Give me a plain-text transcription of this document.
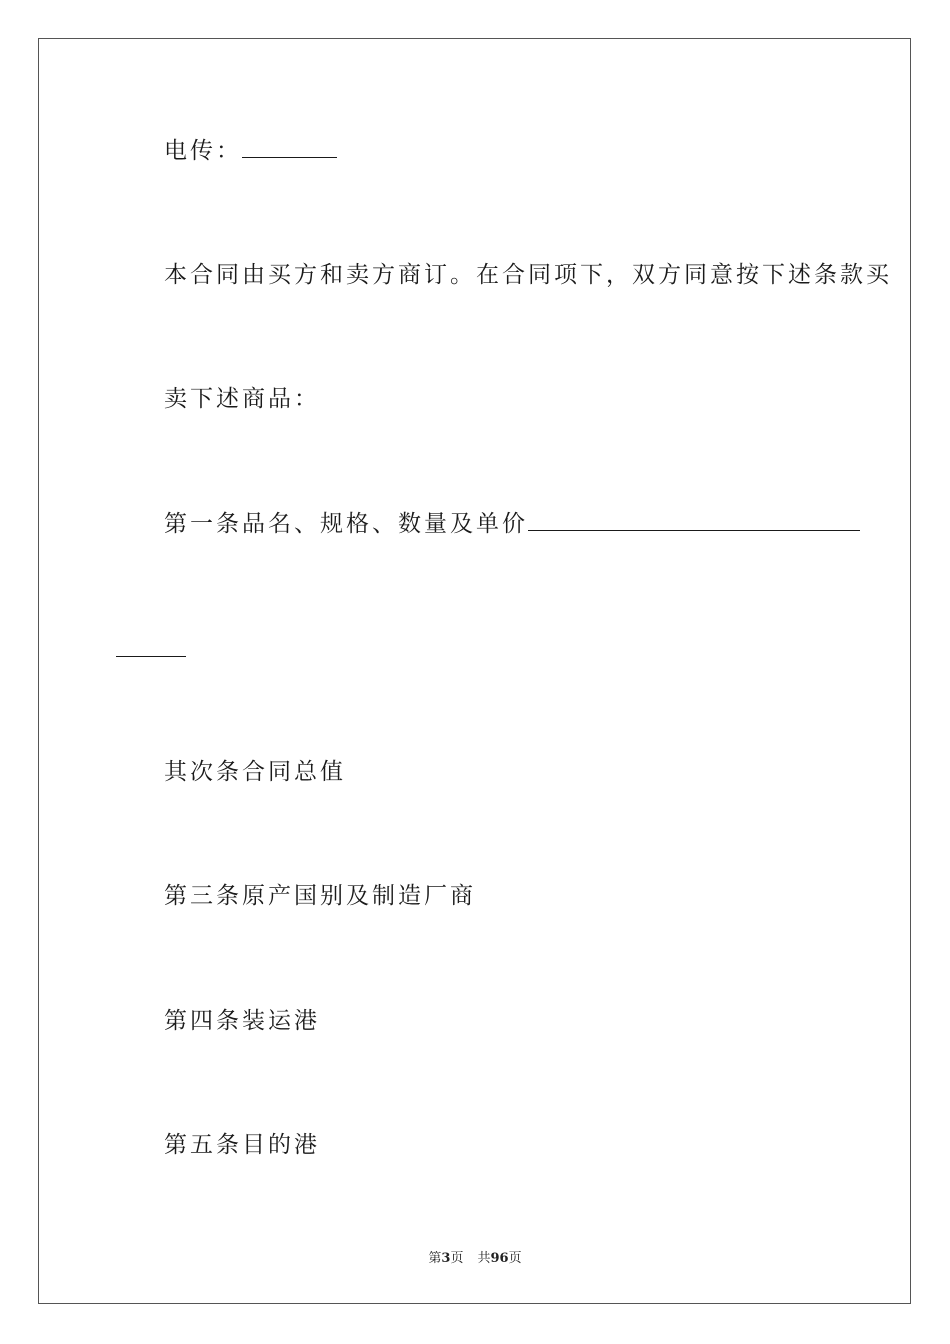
电传：
本合同由买方和卖方商订。在合同项下，双方同意按下述条款买
卖下述商品：
第一条品名、规格、数量及单价
其次条合同总值
第三条原产国别及制造厂商
第四条装运港
第五条目的港
第3页 共96页
